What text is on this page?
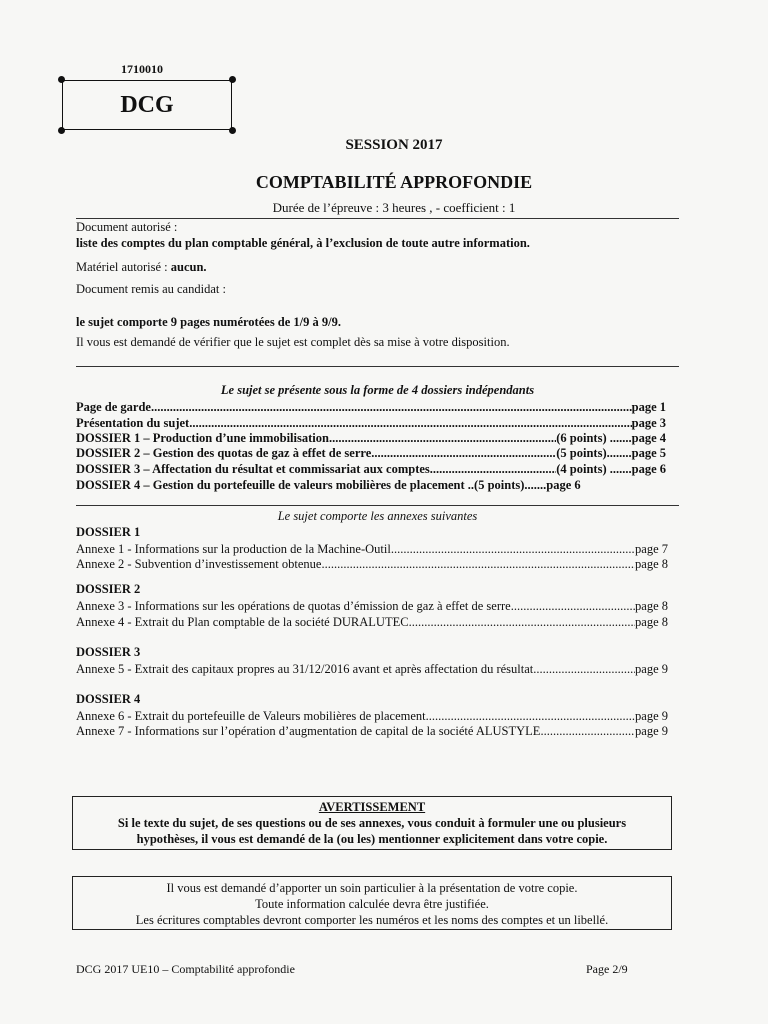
1710010
DCG
SESSION 2017
COMPTABILITÉ APPROFONDIE
Durée de l’épreuve : 3 heures , - coefficient : 1
Document autorisé :
liste des comptes du plan comptable général, à l’exclusion de toute autre information.
Matériel autorisé : aucun.
Document remis au candidat :
le sujet comporte 9 pages numérotées de 1/9 à 9/9.
Il vous est demandé de vérifier que le sujet est complet dès sa mise à votre disposition.
Le sujet se présente sous la forme de 4 dossiers indépendants
Page de garde .....	page 1
Présentation du sujet .....	page 3
DOSSIER 1 – Production d’une immobilisation .....	(6 points) ....... page 4
DOSSIER 2 – Gestion des quotas de gaz à effet de serre .....	(5 points)........ page 5
DOSSIER 3 – Affectation du résultat et commissariat aux comptes .....	(4 points) ....... page 6
DOSSIER 4 – Gestion du portefeuille de valeurs mobilières de placement .. (5 points)....... page 6
Le sujet comporte les annexes suivantes
DOSSIER 1
Annexe 1 - Informations sur la production de la Machine-Outil .....	page 7
Annexe 2 - Subvention d’investissement obtenue .....	page 8
DOSSIER 2
Annexe 3 - Informations sur les opérations de quotas d’émission de gaz à effet de serre .....	page 8
Annexe 4 - Extrait du Plan comptable de la société DURALUTEC .....	page 8
DOSSIER 3
Annexe 5 - Extrait des capitaux propres au 31/12/2016 avant et après affectation du résultat .....	page 9
DOSSIER 4
Annexe 6 - Extrait du portefeuille de Valeurs mobilières de placement .....	page 9
Annexe 7 - Informations sur l’opération d’augmentation de capital de la société ALUSTYLE .....	page 9
AVERTISSEMENT
Si le texte du sujet, de ses questions ou de ses annexes, vous conduit à formuler une ou plusieurs
hypothèses, il vous est demandé de la (ou les) mentionner explicitement dans votre copie.
Il vous est demandé d’apporter un soin particulier à la présentation de votre copie.
Toute information calculée devra être justifiée.
Les écritures comptables devront comporter les numéros et les noms des comptes et un libellé.
DCG 2017 UE10 – Comptabilité approfondie	Page 2/9
